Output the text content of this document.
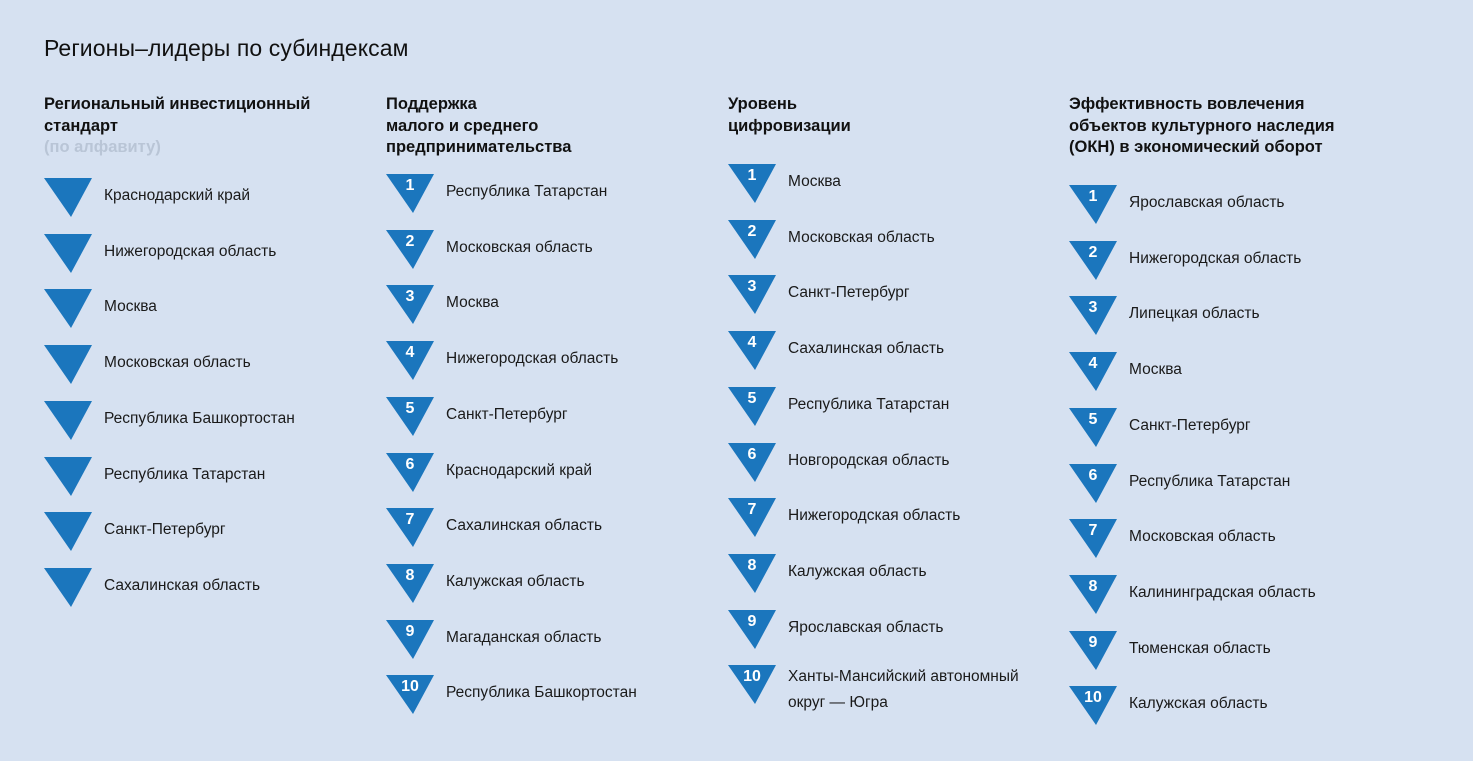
Регионы–лидеры по субиндексам
Региональный инвестиционный
стандарт
(по алфавиту)
Краснодарский край
Нижегородская область
Москва
Московская область
Республика Башкортостан
Республика Татарстан
Санкт-Петербург
Сахалинская область
Поддержка
малого и среднего
предпринимательства
1	Республика Татарстан
2	Московская область
3	Москва
4	Нижегородская область
5	Санкт-Петербург
6	Краснодарский край
7	Сахалинская область
8	Калужская область
9	Магаданская область
10	Республика Башкортостан
Уровень
цифровизации
1	Москва
2	Московская область
3	Санкт-Петербург
4	Сахалинская область
5	Республика Татарстан
6	Новгородская область
7	Нижегородская область
8	Калужская область
9	Ярославская область
10	Ханты-Мансийский автономный округ — Югра
Эффективность вовлечения
объектов культурного наследия
(ОКН) в экономический оборот
1	Ярославская область
2	Нижегородская область
3	Липецкая область
4	Москва
5	Санкт-Петербург
6	Республика Татарстан
7	Московская область
8	Калининградская область
9	Тюменская область
10	Калужская область
